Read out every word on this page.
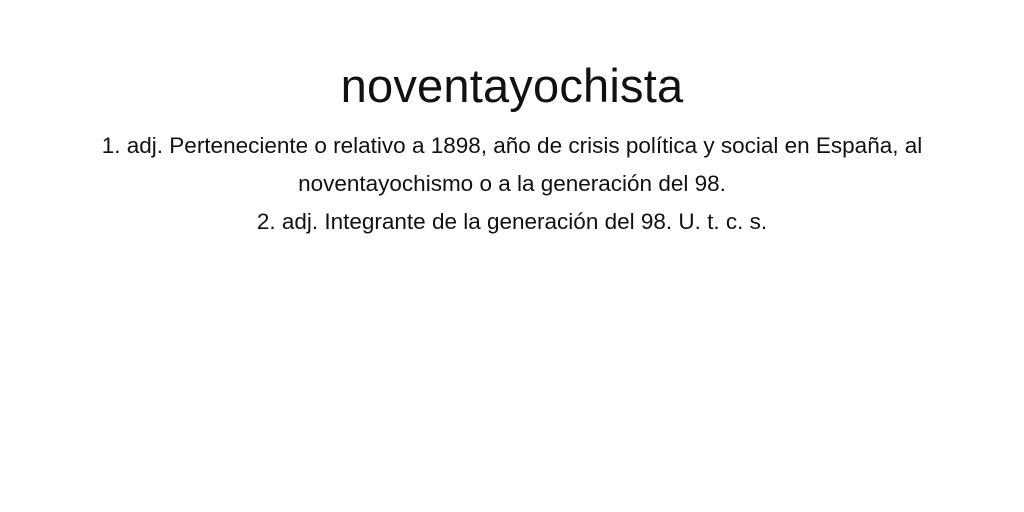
noventayochista
1. adj. Perteneciente o relativo a 1898, año de crisis política y social en España, al noventayochismo o a la generación del 98.
2. adj. Integrante de la generación del 98. U. t. c. s.
